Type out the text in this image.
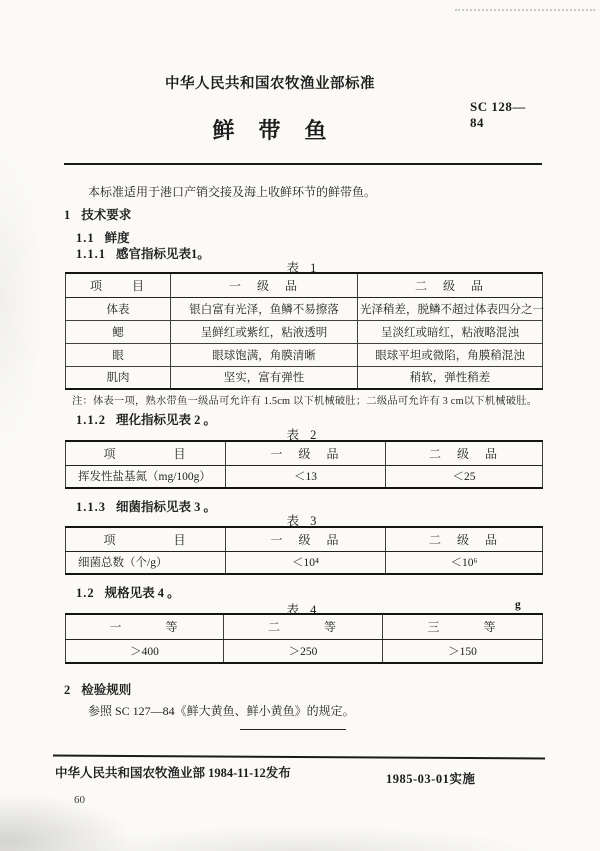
中华人民共和国农牧渔业部标准
SC 128—84
鲜　带　鱼
本标准适用于港口产销交接及海上收鲜环节的鲜带鱼。
1 技术要求
1.1 鲜度
1.1.1 感官指标见表1。
表 1
项　　目	一　级　品	二　级　品
体表	银白富有光泽，鱼鳞不易擦落	光泽稍差，脱鳞不超过体表四分之一
鳃	呈鲜红或紫红，粘液透明	呈淡红或暗红，粘液略混浊
眼	眼球饱满，角膜清晰	眼球平坦或微陷，角膜稍混浊
肌肉	坚实，富有弹性	稍软，弹性稍差
注：体表一项，熟水带鱼一级品可允许有 1.5cm 以下机械破肚；二级品可允许有 3 cm以下机械破肚。
1.1.2 理化指标见表 2 。
表 2
项　　　　目	一　级　品	二　级　品
挥发性盐基氮（mg/100g）	＜13	＜25
1.1.3 细菌指标见表 3 。
表 3
项　　　　目	一　级　品	二　级　品
细菌总数（个/g）	＜10⁴	＜10⁶
1.2 规格见表 4 。
表 4	g
一　　　等	二　　　等	三　　　等
＞400	＞250	＞150
2 检验规则
参照 SC 127—84《鲜大黄鱼、鲜小黄鱼》的规定。
中华人民共和国农牧渔业部 1984-11-12发布	1985-03-01实施
60
